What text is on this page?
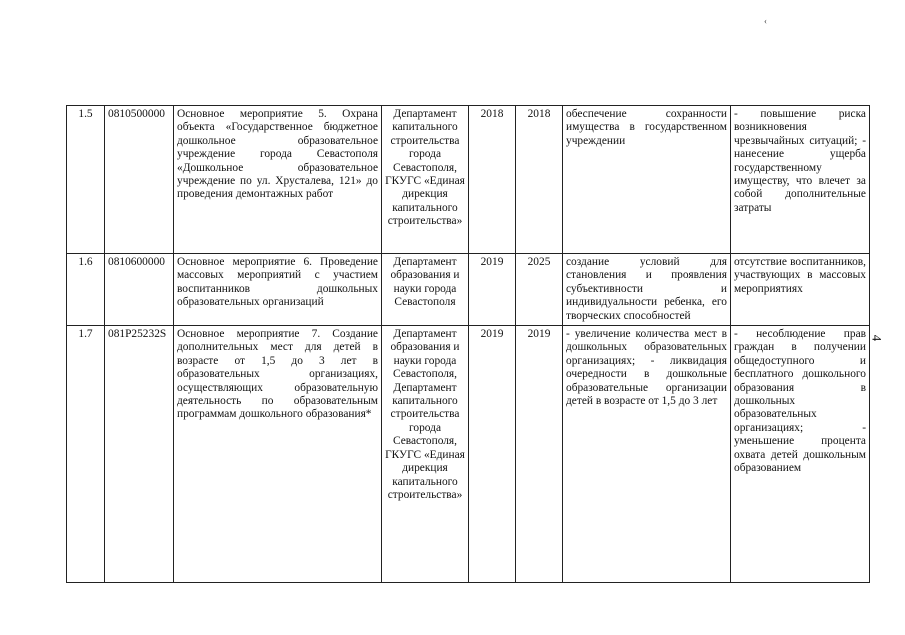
‹
1.5	0810500000	Основное мероприятие 5. Охрана объекта «Государственное бюджетное дошкольное образовательное учреждение города Севастополя «Дошкольное образовательное учреждение по ул. Хрусталева, 121» до проведения демонтажных работ	Департамент капитального строительства города Севастополя, ГКУГС «Единая дирекция капитального строительства»	2018	2018	обеспечение сохранности имущества в государственном учреждении	- повышение риска возникновения чрезвычайных ситуаций; - нанесение ущерба государственному имуществу, что влечет за собой дополнительные затраты
1.6	0810600000	Основное мероприятие 6. Проведение массовых мероприятий с участием воспитанников дошкольных образовательных организаций	Департамент образования и науки города Севастополя	2019	2025	создание условий для становления и проявления субъективности и индивидуальности ребенка, его творческих способностей	отсутствие воспитанников, участвующих в массовых мероприятиях
1.7	081P25232S	Основное мероприятие 7. Создание дополнительных мест для детей в возрасте от 1,5 до 3 лет в образовательных организациях, осуществляющих образовательную деятельность по образовательным программам дошкольного образования*	Департамент образования и науки города Севастополя, Департамент капитального строительства города Севастополя, ГКУГС «Единая дирекция капитального строительства»	2019	2019	- увеличение количества мест в дошкольных образовательных организациях; - ликвидация очередности в дошкольные образовательные организации детей в возрасте от 1,5 до 3 лет	- несоблюдение прав граждан в получении общедоступного и бесплатного дошкольного образования в дошкольных образовательных организациях; - уменьшение процента охвата детей дошкольным образованием
4
